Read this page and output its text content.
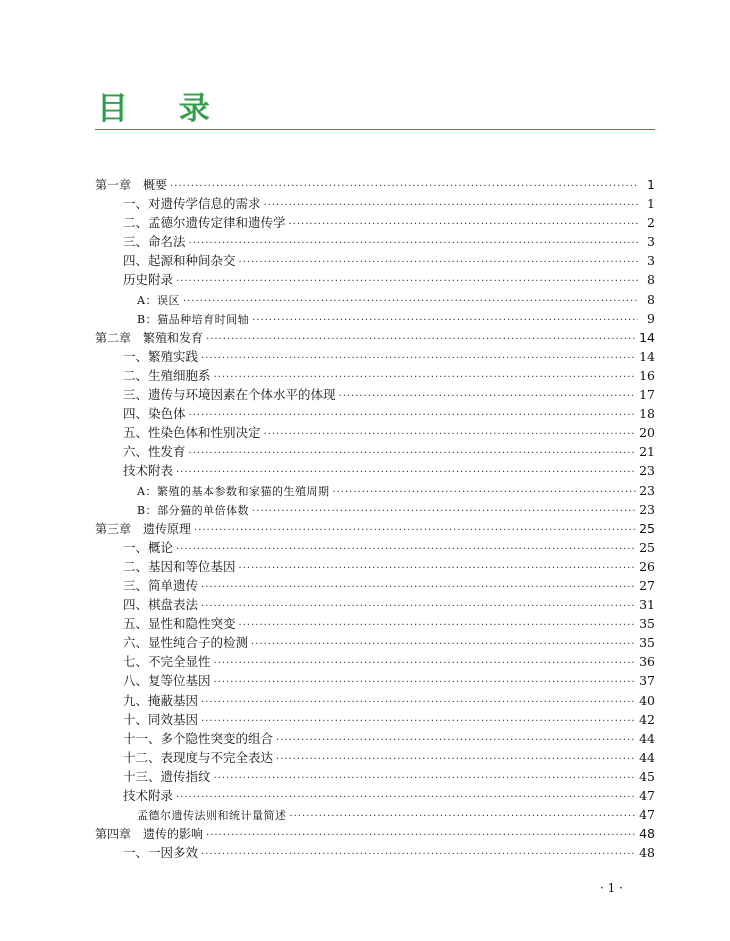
目 录
第一章　概要 ·····	1
一、对遗传学信息的需求 ·····	1
二、孟德尔遗传定律和遗传学 ·····	2
三、命名法 ·····	3
四、起源和种间杂交 ·····	3
历史附录 ·····	8
A：误区 ·····	8
B：猫品种培育时间轴 ·····	9
第二章　繁殖和发育 ·····	14
一、繁殖实践 ·····	14
二、生殖细胞系 ·····	16
三、遗传与环境因素在个体水平的体现 ·····	17
四、染色体 ·····	18
五、性染色体和性别决定 ·····	20
六、性发育 ·····	21
技术附表 ·····	23
A：繁殖的基本参数和家猫的生殖周期 ·····	23
B：部分猫的单倍体数 ·····	23
第三章　遗传原理 ·····	25
一、概论 ·····	25
二、基因和等位基因 ·····	26
三、简单遗传 ·····	27
四、棋盘表法 ·····	31
五、显性和隐性突变 ·····	35
六、显性纯合子的检测 ·····	35
七、不完全显性 ·····	36
八、复等位基因 ·····	37
九、掩蔽基因 ·····	40
十、同效基因 ·····	42
十一、多个隐性突变的组合 ·····	44
十二、表现度与不完全表达 ·····	44
十三、遗传指纹 ·····	45
技术附录 ·····	47
孟德尔遗传法则和统计量简述 ·····	47
第四章　遗传的影响 ·····	48
一、一因多效 ·····	48
· 1 ·
